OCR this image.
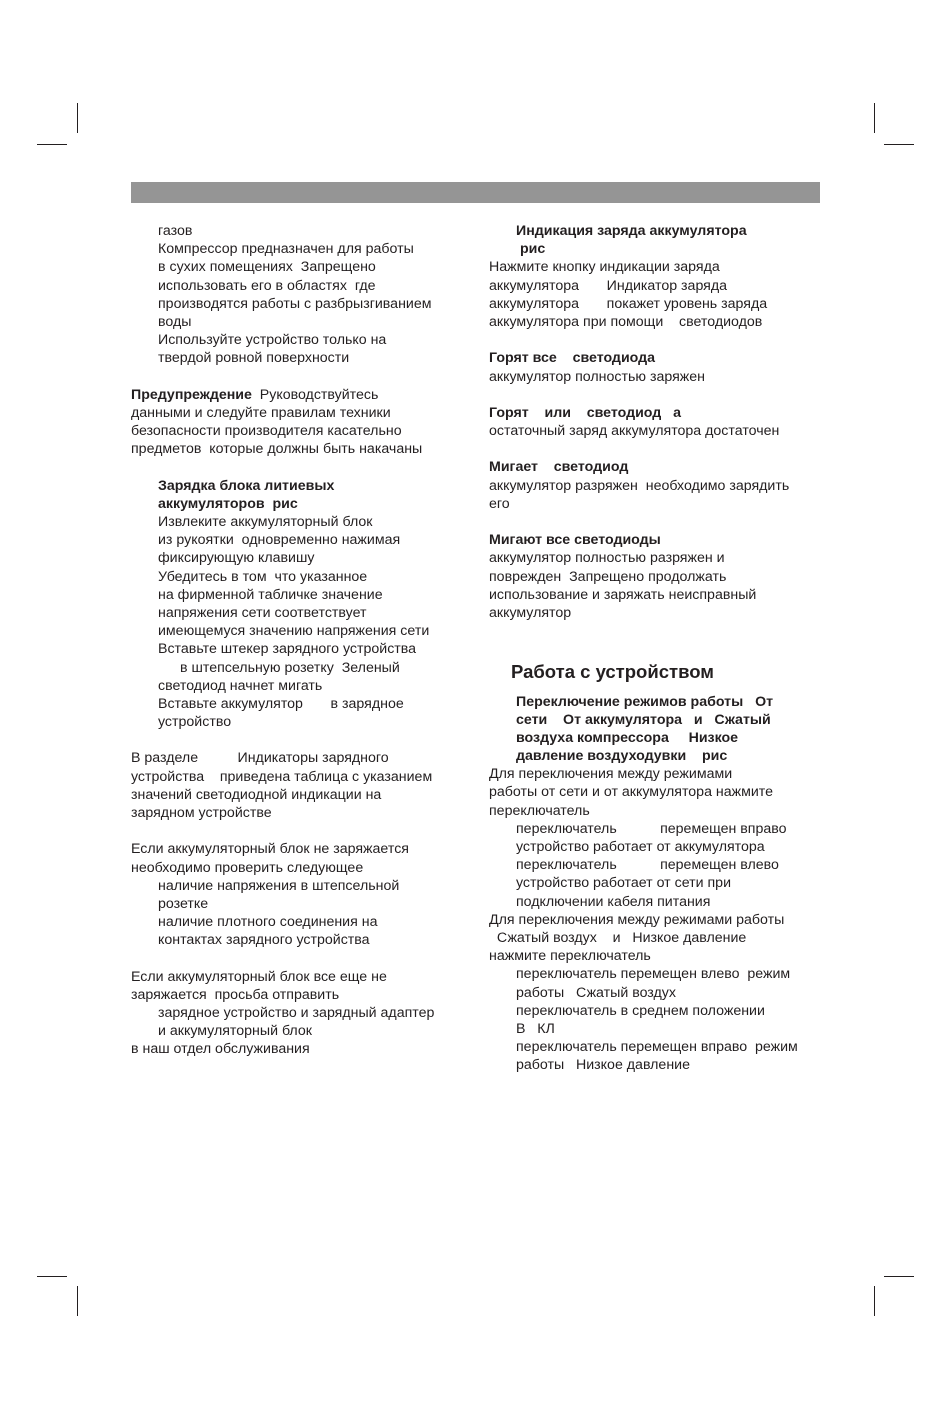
газов
Компрессор предназначен для работы
в сухих помещениях  Запрещено
использовать его в областях  где
производятся работы с разбрызгиванием
воды
Используйте устройство только на
твердой ровной поверхности
Предупреждение  Руководствуйтесь
данными и следуйте правилам техники
безопасности производителя касательно
предметов  которые должны быть накачаны
Зарядка блока литиевых
аккумуляторов  рис
Извлеките аккумуляторный блок
из рукоятки  одновременно нажимая
фиксирующую клавишу
Убедитесь в том  что указанное
на фирменной табличке значение
напряжения сети соответствует
имеющемуся значению напряжения сети
Вставьте штекер зарядного устройства
в штепсельную розетку  Зеленый
светодиод начнет мигать
Вставьте аккумулятор       в зарядное
устройство
В разделе          Индикаторы зарядного
устройства    приведена таблица с указанием
значений светодиодной индикации на
зарядном устройстве
Если аккумуляторный блок не заряжается
необходимо проверить следующее
наличие напряжения в штепсельной
розетке
наличие плотного соединения на
контактах зарядного устройства
Если аккумуляторный блок все еще не
заряжается  просьба отправить
зарядное устройство и зарядный адаптер
и аккумуляторный блок
в наш отдел обслуживания
Индикация заряда аккумулятора
рис
Нажмите кнопку индикации заряда
аккумулятора       Индикатор заряда
аккумулятора       покажет уровень заряда
аккумулятора при помощи    светодиодов
Горят все    светодиода
аккумулятор полностью заряжен
Горят    или    светодиод   а
остаточный заряд аккумулятора достаточен
Мигает    светодиод
аккумулятор разряжен  необходимо зарядить
его
Мигают все светодиоды
аккумулятор полностью разряжен и
поврежден  Запрещено продолжать
использование и заряжать неисправный
аккумулятор
Работа с устройством
Переключение режимов работы   От
сети    От аккумулятора   и   Сжатый
воздуха компрессора     Низкое
давление воздуходувки    рис
Для переключения между режимами
работы от сети и от аккумулятора нажмите
переключатель
переключатель           перемещен вправо
устройство работает от аккумулятора
переключатель           перемещен влево
устройство работает от сети при
подключении кабеля питания
Для переключения между режимами работы
Сжатый воздух    и   Низкое давление
нажмите переключатель
переключатель перемещен влево  режим
работы   Сжатый воздух
переключатель в среднем положении
В   КЛ
переключатель перемещен вправо  режим
работы   Низкое давление
